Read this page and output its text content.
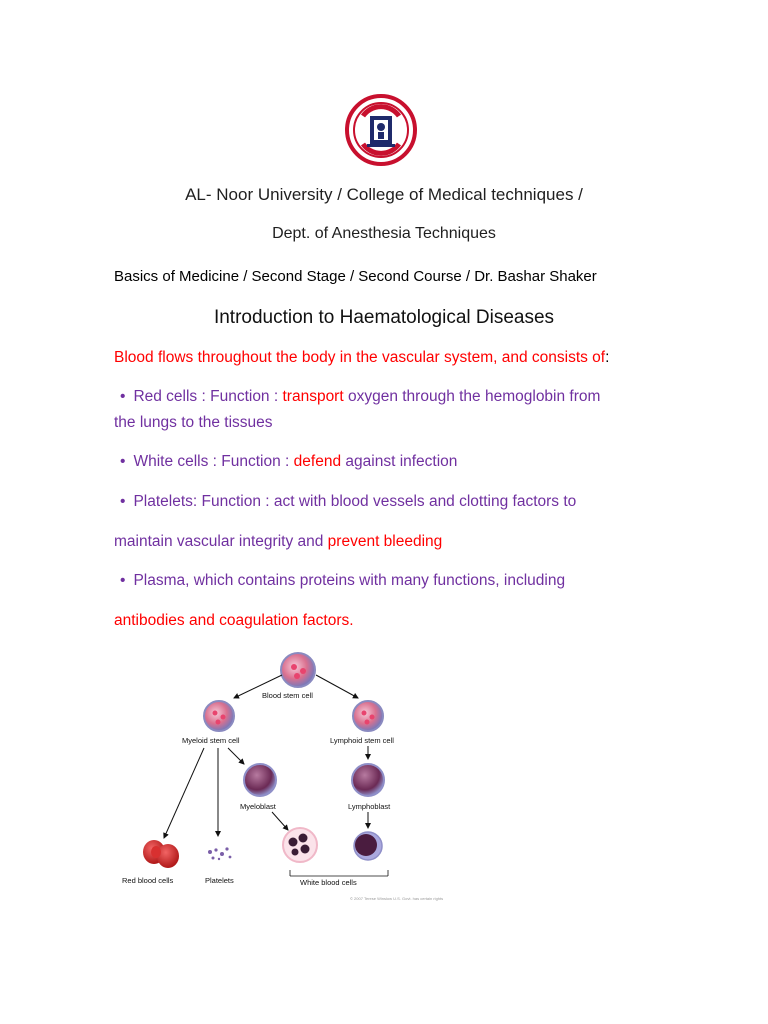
AL- Noor University / College of Medical techniques /
Dept. of Anesthesia Techniques
Basics of Medicine / Second Stage / Second Course / Dr. Bashar Shaker
Introduction to Haematological Diseases
Blood flows throughout the body in the vascular system, and consists of:
• Red cells : Function : transport oxygen through the hemoglobin from
the lungs to the tissues
• White cells : Function : defend against infection
• Platelets: Function : act with blood vessels and clotting factors to
maintain vascular integrity and prevent bleeding
• Plasma, which contains proteins with many functions, including
antibodies and coagulation factors.
Blood stem cell
Myeloid stem cell	Lymphoid stem cell
Myeloblast	Lymphoblast
Red blood cells	Platelets	White blood cells
© 2007 Terese Winslow U.S. Govt. has certain rights
